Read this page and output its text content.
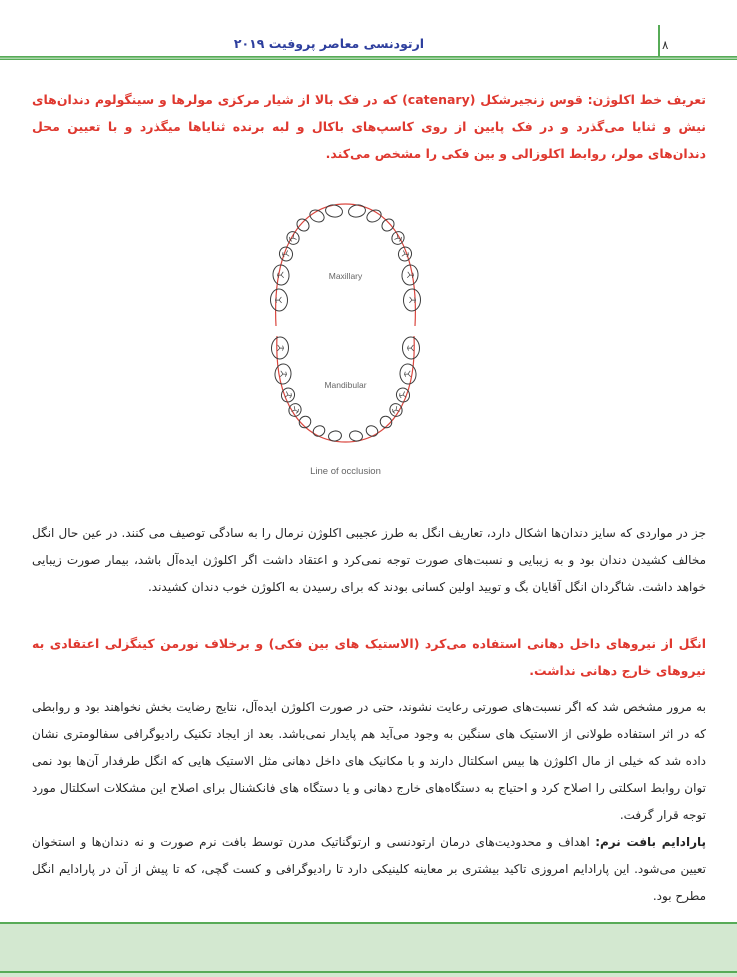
ارتودنسی معاصر پروفیت ۲۰۱۹	۸
تعریف خط اکلوژن: قوس زنجیرشکل (catenary) که در فک بالا از شیار مرکزی مولرها و سینگولوم دندان‌های نیش و ثنایا می‌گذرد و در فک پایین از روی کاسپ‌های باکال و لبه برنده ثنایاها میگذرد و با تعیین محل دندان‌های مولر، روابط اکلوزالی و بین فکی را مشخص می‌کند.
Maxillary
Mandibular
Line of occlusion
جز در مواردی که سایز دندان‌ها اشکال دارد، تعاریف انگل به طرز عجیبی اکلوژن نرمال را به سادگی توصیف می کنند. در عین حال انگل مخالف کشیدن دندان بود و به زیبایی و نسبت‌های صورت توجه نمی‌کرد و اعتقاد داشت اگر اکلوژن ایده‌آل باشد، بیمار صورت زیبایی خواهد داشت. شاگردان انگل آقایان بگ و تویید اولین کسانی بودند که برای رسیدن به اکلوژن خوب دندان کشیدند.
انگل از نیروهای داخل دهانی استفاده می‌کرد (الاستیک های بین فکی) و برخلاف نورمن کینگزلی اعتقادی به نیروهای خارج دهانی نداشت.
به مرور مشخص شد که اگر نسبت‌های صورتی رعایت نشوند، حتی در صورت اکلوژن ایده‌آل، نتایج رضایت بخش نخواهند بود و روابطی که در اثر استفاده طولانی از الاستیک های سنگین به وجود می‌آید هم پایدار نمی‌باشد. بعد از ایجاد تکنیک رادیوگرافی سفالومتری نشان داده شد که خیلی از مال اکلوژن ها بیس اسکلتال دارند و با مکانیک های داخل دهانی مثل الاستیک هایی که انگل طرفدار آن‌ها بود نمی توان روابط اسکلتی را اصلاح کرد و احتیاج به دستگاه‌های خارج دهانی و یا دستگاه های فانکشنال برای اصلاح این مشکلات اسکلتال مورد توجه قرار گرفت.
پارادایم بافت نرم: اهداف و محدودیت‌های درمان ارتودنسی و ارتوگناتیک مدرن توسط بافت نرم صورت و نه دندان‌ها و استخوان تعیین می‌شود. این پارادایم امروزی تاکید بیشتری بر معاینه کلینیکی دارد تا رادیوگرافی و کست گچی، که تا پیش از آن در پارادایم انگل مطرح بود.
